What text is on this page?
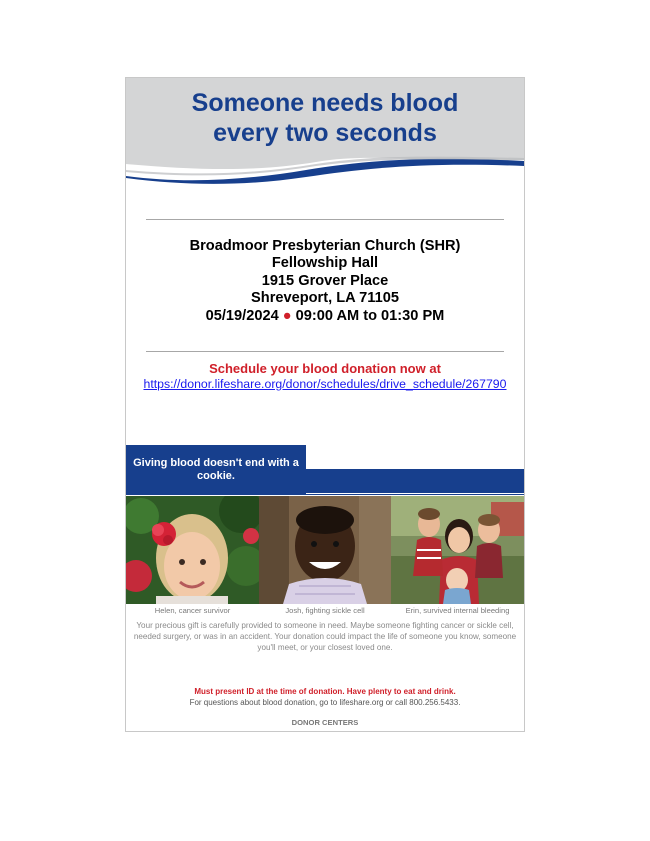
Someone needs blood
every two seconds
Broadmoor Presbyterian Church (SHR)
Fellowship Hall
1915 Grover Place
Shreveport, LA 71105
05/19/2024 ● 09:00 AM to 01:30 PM
Schedule your blood donation now at
https://donor.lifeshare.org/donor/schedules/drive_schedule/267790
Giving blood doesn't end with a cookie.
Helen, cancer survivor	Josh, fighting sickle cell	Erin, survived internal bleeding

Your precious gift is carefully provided to someone in need. Maybe someone fighting cancer or sickle cell, needed surgery, or was in an accident. Your donation could impact the life of someone you know, someone you'll meet, or your closest loved one.

Must present ID at the time of donation. Have plenty to eat and drink.
For questions about blood donation, go to lifeshare.org or call 800.256.5433.
DONOR CENTERS
